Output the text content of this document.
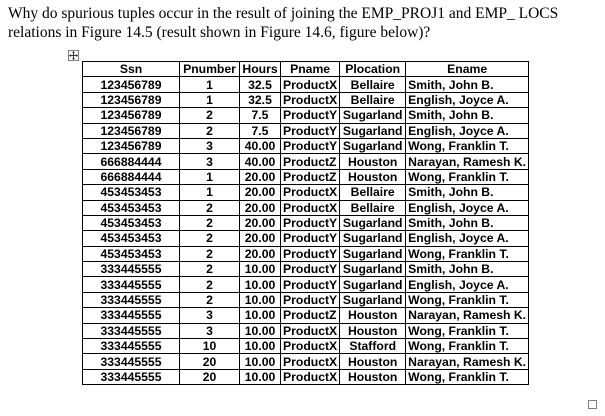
Why do spurious tuples occur in the result of joining the EMP_PROJ1 and EMP_ LOCS
relations in Figure 14.5 (result shown in Figure 14.6, figure below)?
Ssn	Pnumber	Hours	Pname	Plocation	Ename
123456789	1	32.5	ProductX	Bellaire	Smith, John B.
123456789	1	32.5	ProductX	Bellaire	English, Joyce A.
123456789	2	7.5	ProductY	Sugarland	Smith, John B.
123456789	2	7.5	ProductY	Sugarland	English, Joyce A.
123456789	3	40.00	ProductY	Sugarland	Wong, Franklin T.
666884444	3	40.00	ProductZ	Houston	Narayan, Ramesh K.
666884444	1	20.00	ProductZ	Houston	Wong, Franklin T.
453453453	1	20.00	ProductX	Bellaire	Smith, John B.
453453453	2	20.00	ProductX	Bellaire	English, Joyce A.
453453453	2	20.00	ProductY	Sugarland	Smith, John B.
453453453	2	20.00	ProductY	Sugarland	English, Joyce A.
453453453	2	20.00	ProductY	Sugarland	Wong, Franklin T.
333445555	2	10.00	ProductY	Sugarland	Smith, John B.
333445555	2	10.00	ProductY	Sugarland	English, Joyce A.
333445555	2	10.00	ProductY	Sugarland	Wong, Franklin T.
333445555	3	10.00	ProductZ	Houston	Narayan, Ramesh K.
333445555	3	10.00	ProductX	Houston	Wong, Franklin T.
333445555	10	10.00	ProductX	Stafford	Wong, Franklin T.
333445555	20	10.00	ProductX	Houston	Narayan, Ramesh K.
333445555	20	10.00	ProductX	Houston	Wong, Franklin T.
